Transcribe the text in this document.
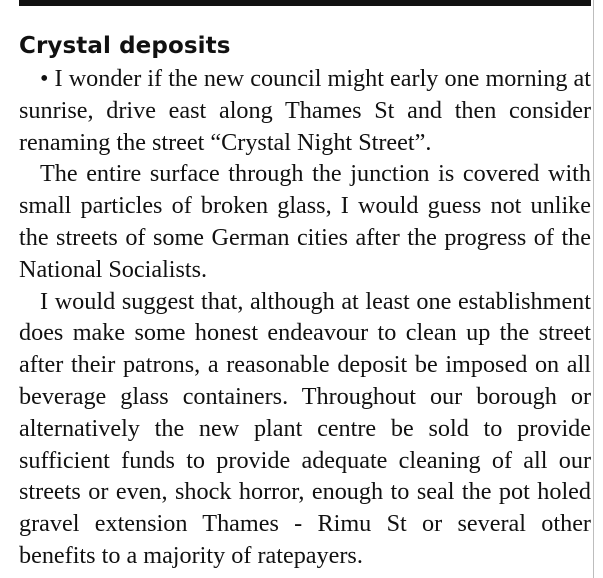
Crystal deposits

• I wonder if the new council might early one morning at sunrise, drive east along Thames St and then consider renaming the street “Crystal Night Street”.

The entire surface through the junction is covered with small particles of broken glass, I would guess not unlike the streets of some German cities after the progress of the National Socialists.

I would suggest that, although at least one establishment does make some honest endeavour to clean up the street after their patrons, a reasonable deposit be imposed on all beverage glass containers. Throughout our borough or alternatively the new plant centre be sold to provide sufficient funds to provide adequate cleaning of all our streets or even, shock horror, enough to seal the pot holed gravel extension Thames - Rimu St or several other benefits to a majority of ratepayers.
